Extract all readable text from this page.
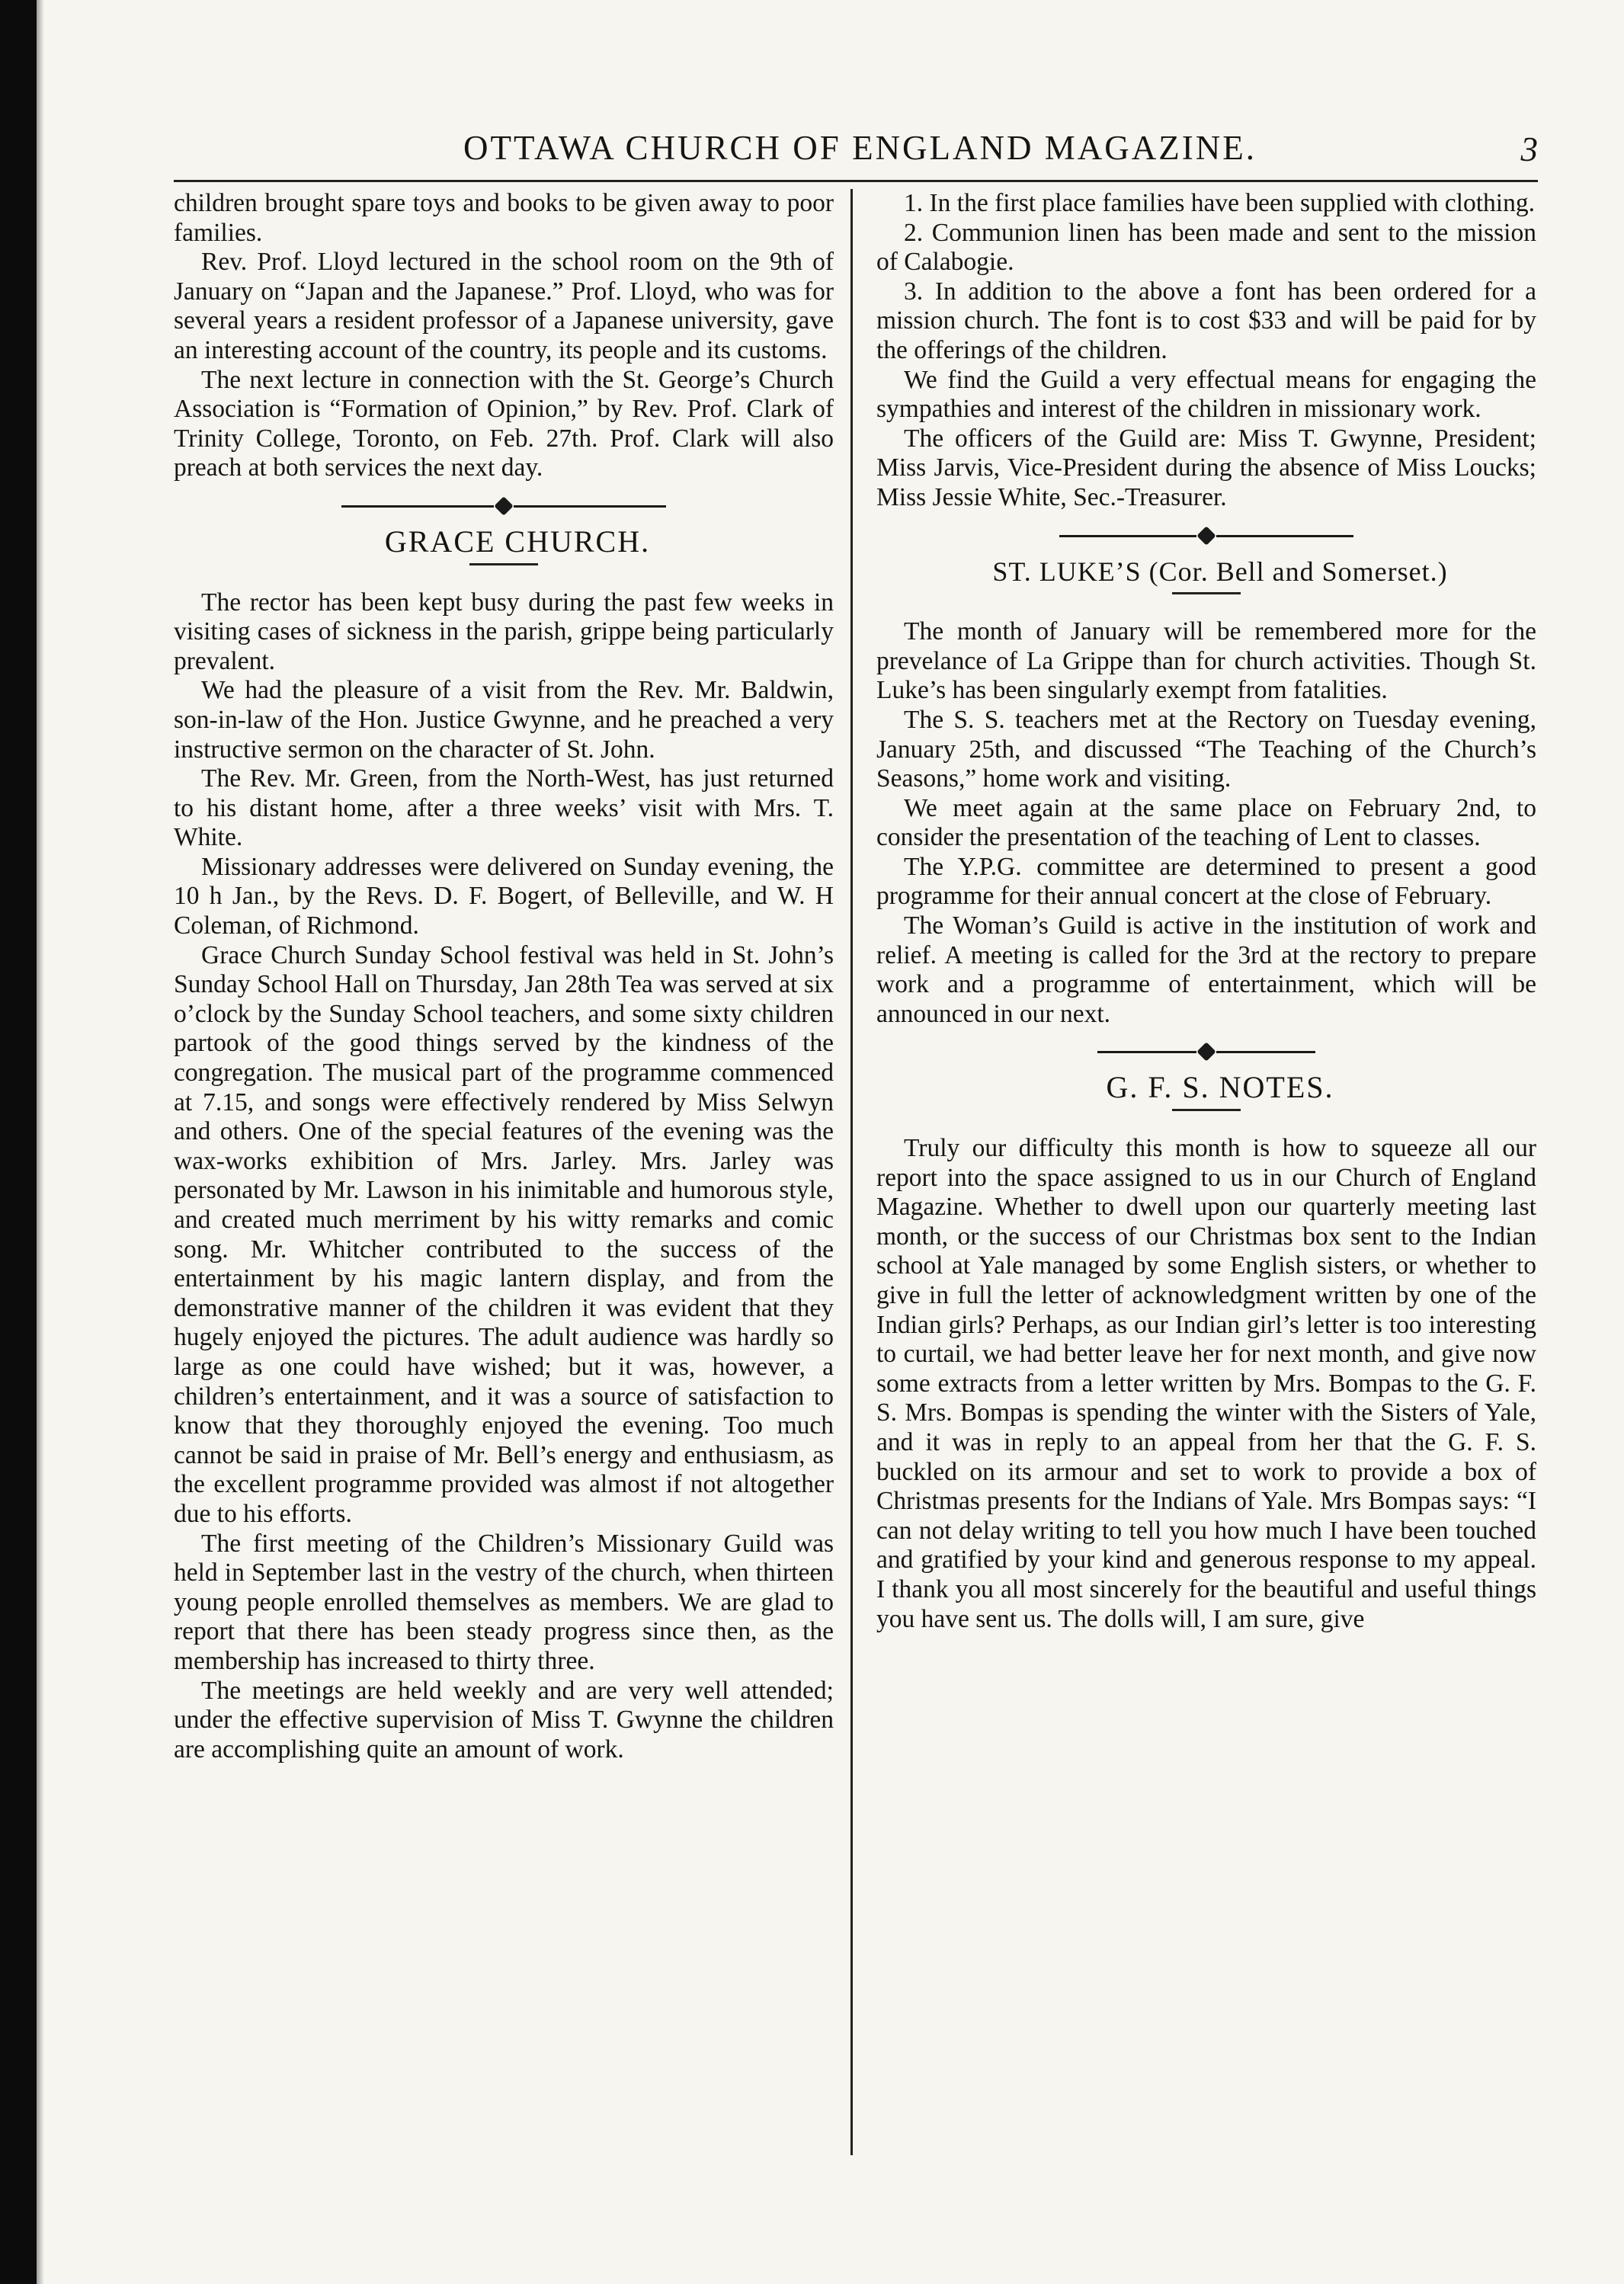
OTTAWA CHURCH OF ENGLAND MAGAZINE.	3

children brought spare toys and books to be given away to poor families.

Rev. Prof. Lloyd lectured in the school room on the 9th of January on “Japan and the Japanese.” Prof. Lloyd, who was for several years a resident professor of a Japanese university, gave an interesting account of the country, its people and its customs.

The next lecture in connection with the St. George’s Church Association is “Formation of Opinion,” by Rev. Prof. Clark of Trinity College, Toronto, on Feb. 27th. Prof. Clark will also preach at both services the next day.

GRACE CHURCH.

The rector has been kept busy during the past few weeks in visiting cases of sickness in the parish, grippe being particularly prevalent.

We had the pleasure of a visit from the Rev. Mr. Baldwin, son-in-law of the Hon. Justice Gwynne, and he preached a very instructive sermon on the character of St. John.

The Rev. Mr. Green, from the North-West, has just returned to his distant home, after a three weeks’ visit with Mrs. T. White.

Missionary addresses were delivered on Sunday evening, the 10 h Jan., by the Revs. D. F. Bogert, of Belleville, and W. H Coleman, of Richmond.

Grace Church Sunday School festival was held in St. John’s Sunday School Hall on Thursday, Jan 28th Tea was served at six o’clock by the Sunday School teachers, and some sixty children partook of the good things served by the kindness of the congregation. The musical part of the programme commenced at 7.15, and songs were effectively rendered by Miss Selwyn and others. One of the special features of the evening was the wax-works exhibition of Mrs. Jarley. Mrs. Jarley was personated by Mr. Lawson in his inimitable and humorous style, and created much merriment by his witty remarks and comic song. Mr. Whitcher contributed to the success of the entertainment by his magic lantern display, and from the demonstrative manner of the children it was evident that they hugely enjoyed the pictures. The adult audience was hardly so large as one could have wished; but it was, however, a children’s entertainment, and it was a source of satisfaction to know that they thoroughly enjoyed the evening. Too much cannot be said in praise of Mr. Bell’s energy and enthusiasm, as the excellent programme provided was almost if not altogether due to his efforts.

The first meeting of the Children’s Missionary Guild was held in September last in the vestry of the church, when thirteen young people enrolled themselves as members. We are glad to report that there has been steady progress since then, as the membership has increased to thirty three.

The meetings are held weekly and are very well attended; under the effective supervision of Miss T. Gwynne the children are accomplishing quite an amount of work.

1. In the first place families have been supplied with clothing.

2. Communion linen has been made and sent to the mission of Calabogie.

3. In addition to the above a font has been ordered for a mission church. The font is to cost $33 and will be paid for by the offerings of the children.

We find the Guild a very effectual means for engaging the sympathies and interest of the children in missionary work.

The officers of the Guild are: Miss T. Gwynne, President; Miss Jarvis, Vice-President during the absence of Miss Loucks; Miss Jessie White, Sec.-Treasurer.

ST. LUKE’S (Cor. Bell and Somerset.)

The month of January will be remembered more for the prevelance of La Grippe than for church activities. Though St. Luke’s has been singularly exempt from fatalities.

The S. S. teachers met at the Rectory on Tuesday evening, January 25th, and discussed “The Teaching of the Church’s Seasons,” home work and visiting.

We meet again at the same place on February 2nd, to consider the presentation of the teaching of Lent to classes.

The Y.P.G. committee are determined to present a good programme for their annual concert at the close of February.

The Woman’s Guild is active in the institution of work and relief. A meeting is called for the 3rd at the rectory to prepare work and a programme of entertainment, which will be announced in our next.

G. F. S. NOTES.

Truly our difficulty this month is how to squeeze all our report into the space assigned to us in our Church of England Magazine. Whether to dwell upon our quarterly meeting last month, or the success of our Christmas box sent to the Indian school at Yale managed by some English sisters, or whether to give in full the letter of acknowledgment written by one of the Indian girls? Perhaps, as our Indian girl’s letter is too interesting to curtail, we had better leave her for next month, and give now some extracts from a letter written by Mrs. Bompas to the G. F. S. Mrs. Bompas is spending the winter with the Sisters of Yale, and it was in reply to an appeal from her that the G. F. S. buckled on its armour and set to work to provide a box of Christmas presents for the Indians of Yale. Mrs Bompas says: “I can not delay writing to tell you how much I have been touched and gratified by your kind and generous response to my appeal. I thank you all most sincerely for the beautiful and useful things you have sent us. The dolls will, I am sure, give
